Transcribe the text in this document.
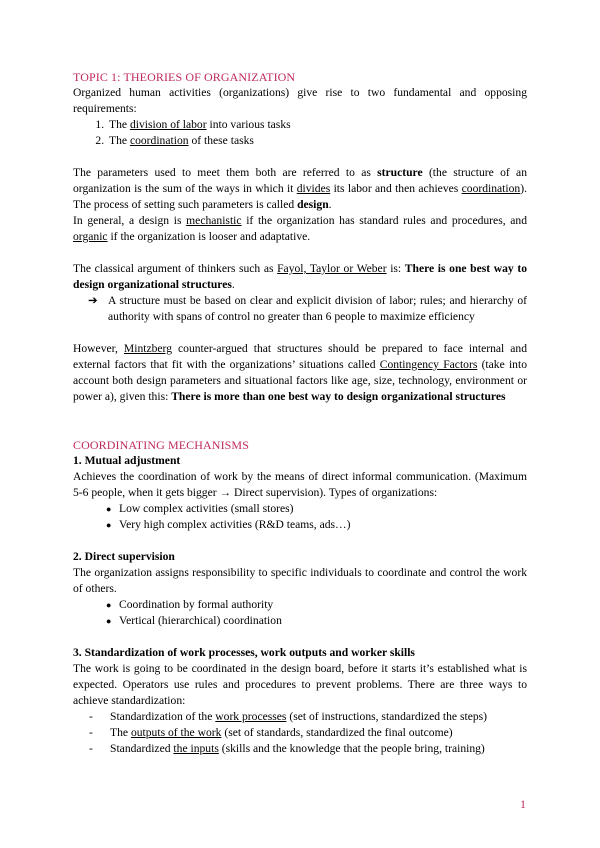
TOPIC 1: THEORIES OF ORGANIZATION

Organized human activities (organizations) give rise to two fundamental and opposing requirements:

1. The division of labor into various tasks
2. The coordination of these tasks

The parameters used to meet them both are referred to as structure (the structure of an organization is the sum of the ways in which it divides its labor and then achieves coordination). The process of setting such parameters is called design.

In general, a design is mechanistic if the organization has standard rules and procedures, and organic if the organization is looser and adaptative.

The classical argument of thinkers such as Fayol, Taylor or Weber is: There is one best way to design organizational structures.

➔ A structure must be based on clear and explicit division of labor; rules; and hierarchy of authority with spans of control no greater than 6 people to maximize efficiency

However, Mintzberg counter-argued that structures should be prepared to face internal and external factors that fit with the organizations’ situations called Contingency Factors (take into account both design parameters and situational factors like age, size, technology, environment or power a), given this: There is more than one best way to design organizational structures

COORDINATING MECHANISMS
1. Mutual adjustment

Achieves the coordination of work by the means of direct informal communication. (Maximum 5-6 people, when it gets bigger → Direct supervision). Types of organizations:

● Low complex activities (small stores)
● Very high complex activities (R&D teams, ads…)
2. Direct supervision

The organization assigns responsibility to specific individuals to coordinate and control the work of others.

● Coordination by formal authority
● Vertical (hierarchical) coordination
3. Standardization of work processes, work outputs and worker skills

The work is going to be coordinated in the design board, before it starts it’s established what is expected. Operators use rules and procedures to prevent problems. There are three ways to achieve standardization:

- Standardization of the work processes (set of instructions, standardized the steps)
- The outputs of the work (set of standards, standardized the final outcome)
- Standardized the inputs (skills and the knowledge that the people bring, training)
1
